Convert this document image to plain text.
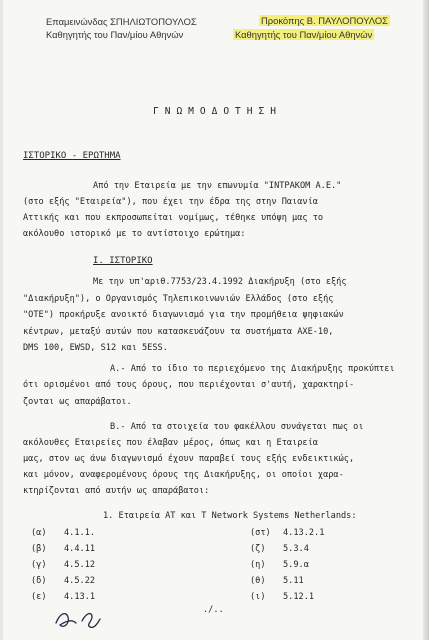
Επαμεινώνδας ΣΠΗΛΙΩΤΟΠΟΥΛΟΣ
Καθηγητής του Παν/μίου Αθηνών
Προκόπης Β. ΠΑΥΛΟΠΟΥΛΟΣ
Καθηγητής του Παν/μίου Αθηνών
ΓΝΩΜΟΔΟΤΗΣΗ
ΙΣΤΟΡΙΚΟ - ΕΡΩΤΗΜΑ
Από την Εταιρεία με την επωνυμία "ΙΝΤΡΑΚΟΜ Α.Ε."
(στο εξής "Εταιρεία"), που έχει την έδρα της στην Παιανία
Αττικής και που εκπροσωπείται νομίμως, τέθηκε υπόψη μας το
ακόλουθο ιστορικό με το αντίστοιχο ερώτημα:
Ι. ΙΣΤΟΡΙΚΟ
Με την υπ'αριθ.7753/23.4.1992 Διακήρυξη (στο εξής
"Διακήρυξη"), ο Οργανισμός Τηλεπικοινωνιών Ελλάδος (στο εξής
"ΟΤΕ") προκήρυξε ανοικτό διαγωνισμό για την προμήθεια ψηφιακών
κέντρων, μεταξύ αυτών που κατασκευάζουν τα συστήματα AXE-10,
DMS 100, EWSD, S12 και 5ESS.
Α.- Από το ίδιο το περιεχόμενο της Διακήρυξης προκύπτει
ότι ορισμένοι από τους όρους, που περιέχονται σ'αυτή, χαρακτηρί-
ζονται ως απαράβατοι.
Β.- Από τα στοιχεία του φακέλλου συνάγεται πως οι
ακόλουθες Εταιρείες που έλαβαν μέρος, όπως και η Εταιρεία
μας, στον ως άνω διαγωνισμό έχουν παραβεί τους εξής ενδεικτικώς,
και μόνον, αναφερομένους όρους της Διακήρυξης, οι οποίοι χαρα-
κτηρίζονται από αυτήν ως απαράβατοι:
1. Εταιρεία ΑΤ και Τ Network Systems Netherlands:
(α) 4.1.1.
(β) 4.4.11
(γ) 4.5.12
(δ) 4.5.22
(ε) 4.13.1
(στ) 4.13.2.1
(ζ) 5.3.4
(η) 5.9.α
(θ) 5.11
(ι) 5.12.1
./..
